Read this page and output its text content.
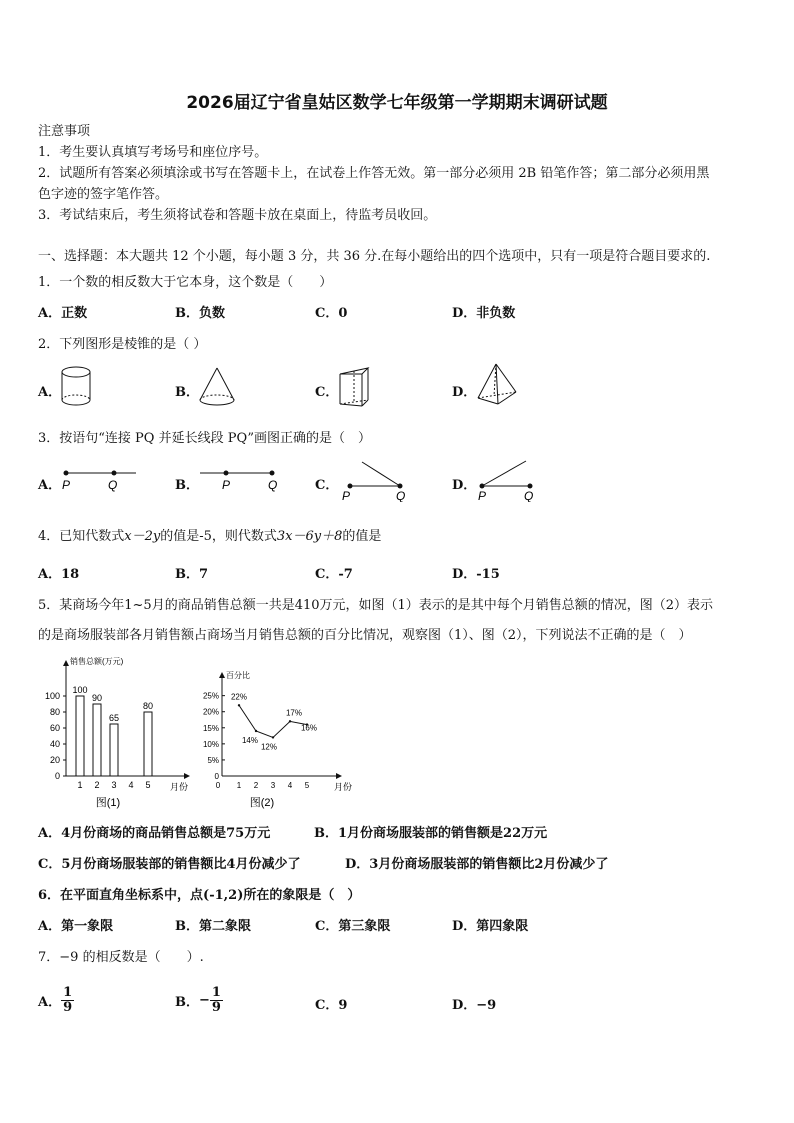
2026届辽宁省皇姑区数学七年级第一学期期末调研试题
注意事项
1．考生要认真填写考场号和座位序号。
2．试题所有答案必须填涂或书写在答题卡上，在试卷上作答无效。第一部分必须用 2B 铅笔作答；第二部分必须用黑
色字迹的签字笔作答。
3．考试结束后，考生须将试卷和答题卡放在桌面上，待监考员收回。
一、选择题：本大题共 12 个小题，每小题 3 分，共 36 分.在每小题给出的四个选项中，只有一项是符合题目要求的.
1．一个数的相反数大于它本身，这个数是（　　）
A．正数	B．负数	C．0	D．非负数
2．下列图形是棱锥的是（ ）
A．	B．	C．	D．
3．按语句“连接 PQ 并延长线段 PQ”画图正确的是（　）
A． P	Q	B． P	Q	C．
P	Q
D．
P	Q
4．已知代数式x－2y的值是-5，则代数式3x－6y＋8的值是
A．18	B．7	C．-7	D．-15
5．某商场今年1~5月的商品销售总额一共是410万元，如图（1）表示的是其中每个月销售总额的情况，图（2）表示
的是商场服装部各月销售额占商场当月销售总额的百分比情况，观察图（1）、图（2），下列说法不正确的是（　）
销售总额(万元)
0
20
40
60
80
100
1 2 3 4 5 月份
100
90
65
80
图(1)
百分比
0
5%
10%
15%
20%
25%
0 1 2 3 4 5	月份
22%
14%
12%
17%
16%
图(2)
A．4月份商场的商品销售总额是75万元	B．1月份商场服装部的销售额是22万元
C．5月份商场服装部的销售额比4月份减少了	D．3月份商场服装部的销售额比2月份减少了
6．在平面直角坐标系中，点(-1,2)所在的象限是（　）
A．第一象限	B．第二象限	C．第三象限	D．第四象限
7．−9 的相反数是（　　）.
A． $\frac{1}{9}$	B． − $\frac{1}{9}$	C．9	D．−9
